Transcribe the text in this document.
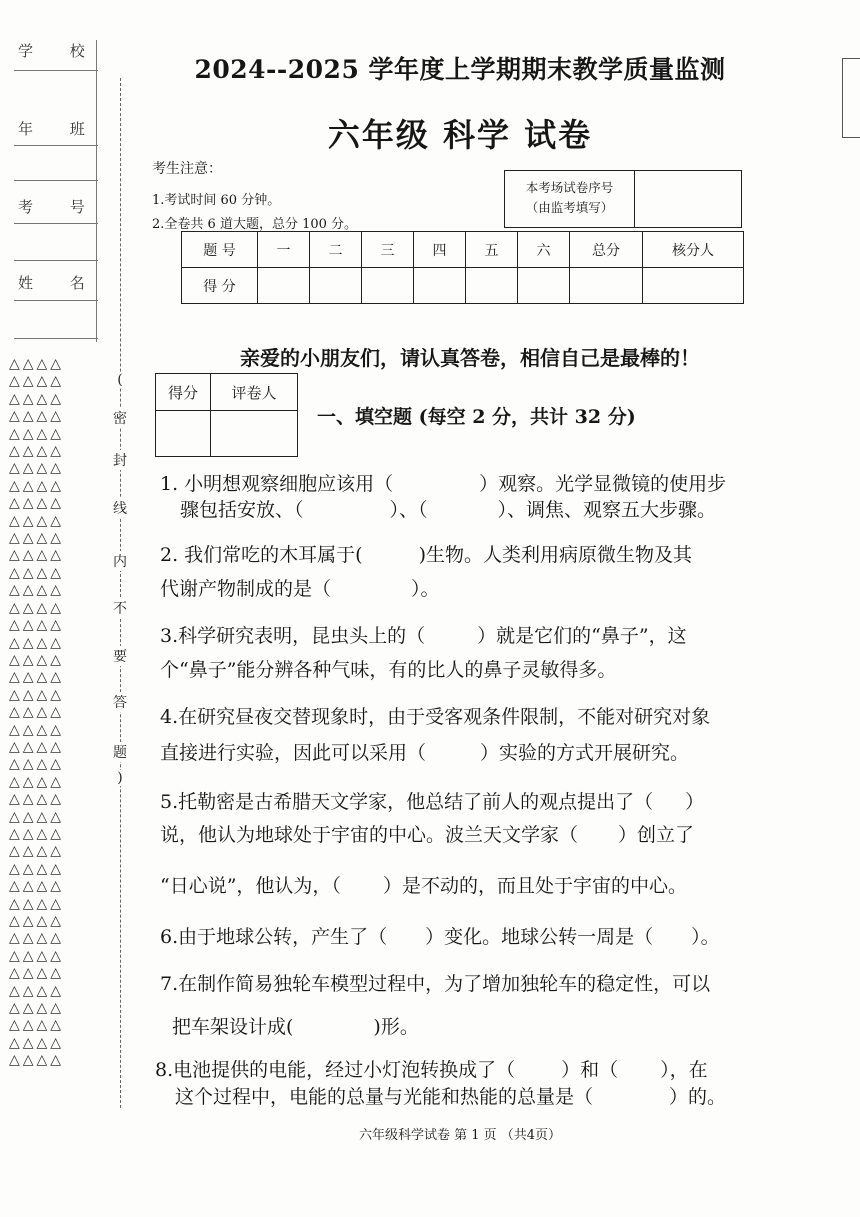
学 校
年 班
考 号
姓 名
△△△△
△△△△
△△△△
△△△△
△△△△
△△△△
△△△△
△△△△
△△△△
△△△△
△△△△
△△△△
△△△△
△△△△
△△△△
△△△△
△△△△
△△△△
△△△△
△△△△
△△△△
△△△△
△△△△
△△△△
△△△△
△△△△
△△△△
△△△△
△△△△
△△△△
△△△△
△△△△
△△△△
△△△△
△△△△
△△△△
△△△△
△△△△
△△△△
△△△△
△△△△
(
密
封
线
内
不
要
答
题
)
2024--2025 学年度上学期期末教学质量监测
六年级 科学 试卷
考生注意：
1.考试时间 60 分钟。
2.全卷共 6 道大题，总分 100 分。
本考场试卷序号
（由监考填写）
题 号	一	二	三	四	五	六	总分	核分人
得 分								
亲爱的小朋友们，请认真答卷，相信自己是最棒的！
得分	评卷人

一、填空题 (每空 2 分，共计 32 分)
1. 小明想观察细胞应该用（	）观察。光学显微镜的使用步
骤包括安放、（	）、（	）、调焦、观察五大步骤。
2. 我们常吃的木耳属于(	)生物。人类利用病原微生物及其
代谢产物制成的是（	）。
3.科学研究表明，昆虫头上的（	）就是它们的“鼻子”，这
个“鼻子”能分辨各种气味，有的比人的鼻子灵敏得多。
4.在研究昼夜交替现象时，由于受客观条件限制，不能对研究对象
直接进行实验，因此可以采用（	）实验的方式开展研究。
5.托勒密是古希腊天文学家，他总结了前人的观点提出了（ ）
说，他认为地球处于宇宙的中心。波兰天文学家（ ）创立了
“日心说”，他认为，（ ）是不动的，而且处于宇宙的中心。
6.由于地球公转，产生了（ ）变化。地球公转一周是（ ）。
7.在制作简易独轮车模型过程中，为了增加独轮车的稳定性，可以
把车架设计成(	)形。
8.电池提供的电能，经过小灯泡转换成了（ ）和（ ），在
这个过程中，电能的总量与光能和热能的总量是（	）的。
六年级科学试卷 第 1 页 （共4页）
